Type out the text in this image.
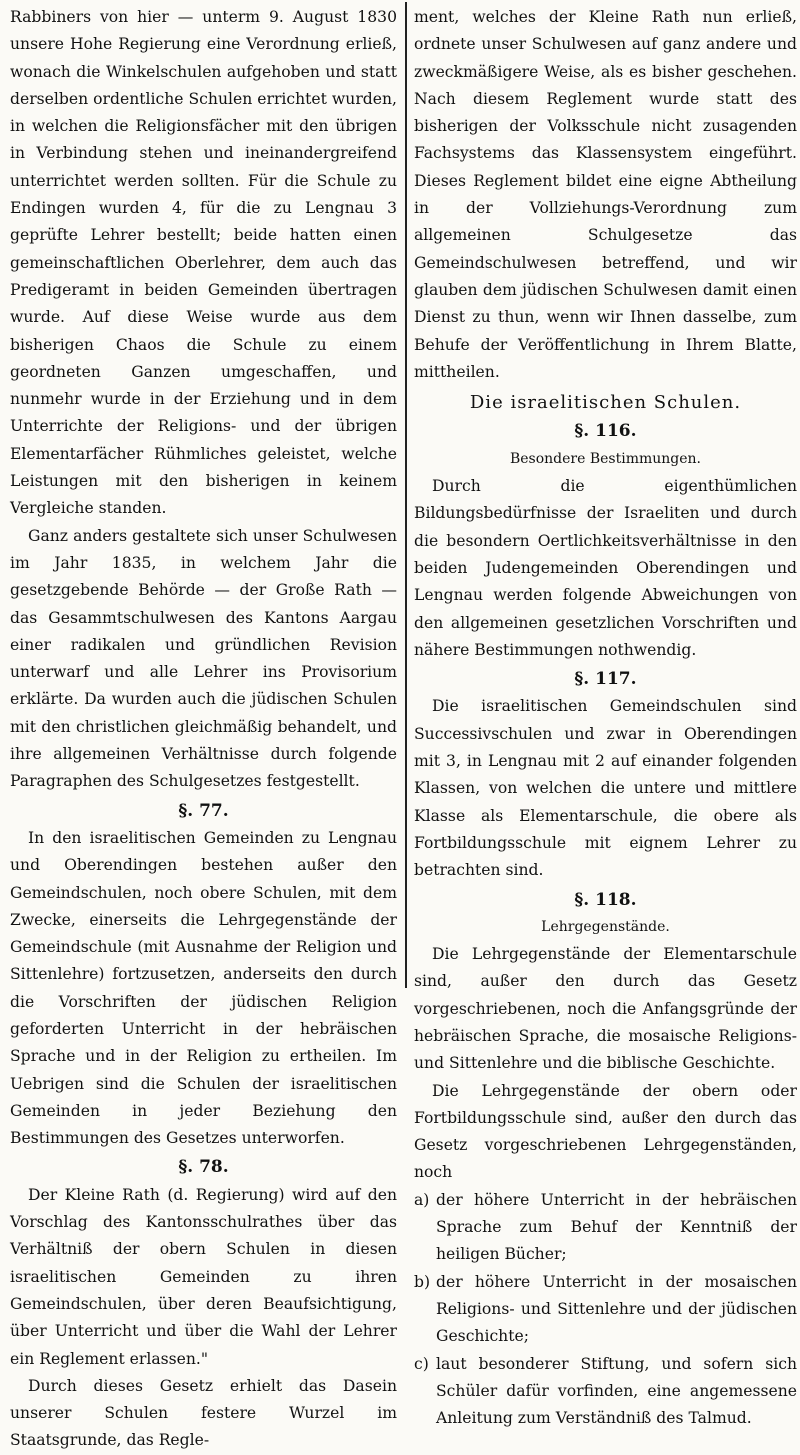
Rabbiners von hier — unterm 9. August 1830 unsere Hohe Regierung eine Verordnung erließ, wonach die Winkelschulen aufgehoben und statt derselben ordentliche Schulen errichtet wurden, in welchen die Religionsfächer mit den übrigen in Verbindung stehen und ineinandergreifend unterrichtet werden sollten. Für die Schule zu Endingen wurden 4, für die zu Lengnau 3 geprüfte Lehrer bestellt; beide hatten einen gemeinschaftlichen Oberlehrer, dem auch das Predigeramt in beiden Gemeinden übertragen wurde. Auf diese Weise wurde aus dem bisherigen Chaos die Schule zu einem geordneten Ganzen umgeschaffen, und nunmehr wurde in der Erziehung und in dem Unterrichte der Religions- und der übrigen Elementarfächer Rühmliches geleistet, welche Leistungen mit den bisherigen in keinem Vergleiche standen.

Ganz anders gestaltete sich unser Schulwesen im Jahr 1835, in welchem Jahr die gesetzgebende Behörde — der Große Rath — das Gesammtschulwesen des Kantons Aargau einer radikalen und gründlichen Revision unterwarf und alle Lehrer ins Provisorium erklärte. Da wurden auch die jüdischen Schulen mit den christlichen gleichmäßig behandelt, und ihre allgemeinen Verhältnisse durch folgende Paragraphen des Schulgesetzes festgestellt.

§. 77.

In den israelitischen Gemeinden zu Lengnau und Oberendingen bestehen außer den Gemeindschulen, noch obere Schulen, mit dem Zwecke, einerseits die Lehrgegenstände der Gemeindschule (mit Ausnahme der Religion und Sittenlehre) fortzusetzen, anderseits den durch die Vorschriften der jüdischen Religion geforderten Unterricht in der hebräischen Sprache und in der Religion zu ertheilen. Im Uebrigen sind die Schulen der israelitischen Gemeinden in jeder Beziehung den Bestimmungen des Gesetzes unterworfen.

§. 78.

Der Kleine Rath (d. Regierung) wird auf den Vorschlag des Kantonsschulrathes über das Verhältniß der obern Schulen in diesen israelitischen Gemeinden zu ihren Gemeindschulen, über deren Beaufsichtigung, über Unterricht und über die Wahl der Lehrer ein Reglement erlassen."

Durch dieses Gesetz erhielt das Dasein unserer Schulen festere Wurzel im Staatsgrunde, das Regle-

ment, welches der Kleine Rath nun erließ, ordnete unser Schulwesen auf ganz andere und zweckmäßigere Weise, als es bisher geschehen. Nach diesem Reglement wurde statt des bisherigen der Volksschule nicht zusagenden Fachsystems das Klassensystem eingeführt. Dieses Reglement bildet eine eigne Abtheilung in der Vollziehungs-Verordnung zum allgemeinen Schulgesetze das Gemeindschulwesen betreffend, und wir glauben dem jüdischen Schulwesen damit einen Dienst zu thun, wenn wir Ihnen dasselbe, zum Behufe der Veröffentlichung in Ihrem Blatte, mittheilen.

Die israelitischen Schulen.

§. 116.

Besondere Bestimmungen.

Durch die eigenthümlichen Bildungsbedürfnisse der Israeliten und durch die besondern Oertlichkeitsverhältnisse in den beiden Judengemeinden Oberendingen und Lengnau werden folgende Abweichungen von den allgemeinen gesetzlichen Vorschriften und nähere Bestimmungen nothwendig.

§. 117.

Die israelitischen Gemeindschulen sind Successivschulen und zwar in Oberendingen mit 3, in Lengnau mit 2 auf einander folgenden Klassen, von welchen die untere und mittlere Klasse als Elementarschule, die obere als Fortbildungsschule mit eignem Lehrer zu betrachten sind.

§. 118.

Lehrgegenstände.

Die Lehrgegenstände der Elementarschule sind, außer den durch das Gesetz vorgeschriebenen, noch die Anfangsgründe der hebräischen Sprache, die mosaische Religions- und Sittenlehre und die biblische Geschichte.

Die Lehrgegenstände der obern oder Fortbildungsschule sind, außer den durch das Gesetz vorgeschriebenen Lehrgegenständen, noch

a) der höhere Unterricht in der hebräischen Sprache zum Behuf der Kenntniß der heiligen Bücher;
b) der höhere Unterricht in der mosaischen Religions- und Sittenlehre und der jüdischen Geschichte;
c) laut besonderer Stiftung, und sofern sich Schüler dafür vorfinden, eine angemessene Anleitung zum Verständniß des Talmud.
